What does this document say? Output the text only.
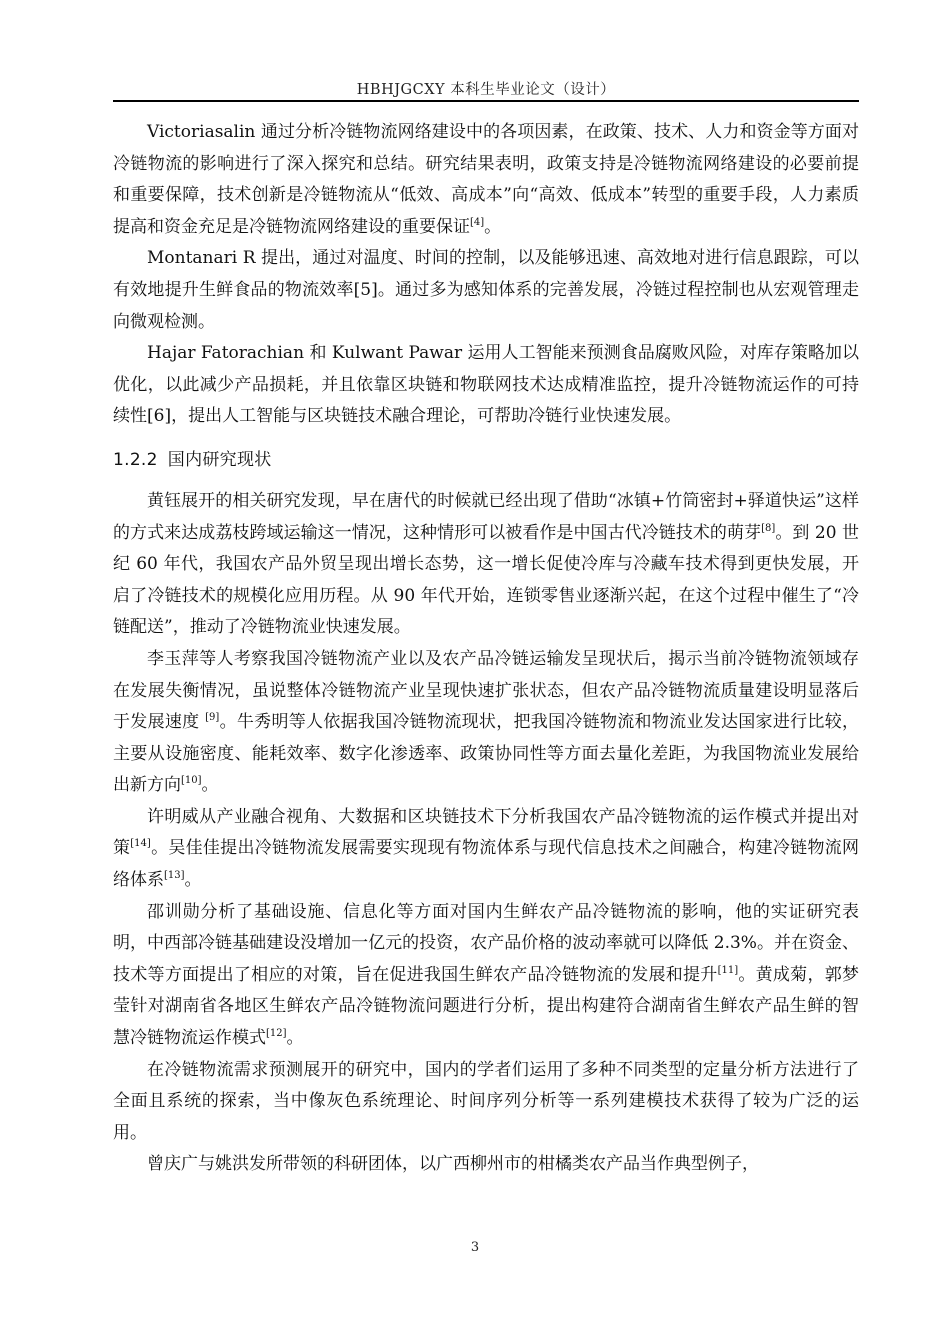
HBHJGCXY 本科生毕业论文（设计）

Victoriasalin 通过分析冷链物流网络建设中的各项因素，在政策、技术、人力和资金等方面对冷链物流的影响进行了深入探究和总结。研究结果表明，政策支持是冷链物流网络建设的必要前提和重要保障，技术创新是冷链物流从“低效、高成本”向“高效、低成本”转型的重要手段，人力素质提高和资金充足是冷链物流网络建设的重要保证[4]。

Montanari R 提出，通过对温度、时间的控制，以及能够迅速、高效地对进行信息跟踪，可以有效地提升生鲜食品的物流效率[5]。通过多为感知体系的完善发展，冷链过程控制也从宏观管理走向微观检测。

Hajar Fatorachian 和 Kulwant Pawar 运用人工智能来预测食品腐败风险，对库存策略加以优化，以此减少产品损耗，并且依靠区块链和物联网技术达成精准监控，提升冷链物流运作的可持续性[6]，提出人工智能与区块链技术融合理论，可帮助冷链行业快速发展。

1.2.2 国内研究现状

黄钰展开的相关研究发现，早在唐代的时候就已经出现了借助“冰镇+竹筒密封+驿道快运”这样的方式来达成荔枝跨域运输这一情况，这种情形可以被看作是中国古代冷链技术的萌芽[8]。到 20 世纪 60 年代，我国农产品外贸呈现出增长态势，这一增长促使冷库与冷藏车技术得到更快发展，开启了冷链技术的规模化应用历程。从 90 年代开始，连锁零售业逐渐兴起，在这个过程中催生了“冷链配送”，推动了冷链物流业快速发展。

李玉萍等人考察我国冷链物流产业以及农产品冷链运输发呈现状后，揭示当前冷链物流领域存在发展失衡情况，虽说整体冷链物流产业呈现快速扩张状态，但农产品冷链物流质量建设明显落后于发展速度 [9]。牛秀明等人依据我国冷链物流现状，把我国冷链物流和物流业发达国家进行比较，主要从设施密度、能耗效率、数字化渗透率、政策协同性等方面去量化差距，为我国物流业发展给出新方向[10]。

许明威从产业融合视角、大数据和区块链技术下分析我国农产品冷链物流的运作模式并提出对策[14]。吴佳佳提出冷链物流发展需要实现现有物流体系与现代信息技术之间融合，构建冷链物流网络体系[13]。

邵训勋分析了基础设施、信息化等方面对国内生鲜农产品冷链物流的影响，他的实证研究表明，中西部冷链基础建设没增加一亿元的投资，农产品价格的波动率就可以降低 2.3%。并在资金、技术等方面提出了相应的对策，旨在促进我国生鲜农产品冷链物流的发展和提升[11]。黄成菊，郭梦莹针对湖南省各地区生鲜农产品冷链物流问题进行分析，提出构建符合湖南省生鲜农产品生鲜的智慧冷链物流运作模式[12]。

在冷链物流需求预测展开的研究中，国内的学者们运用了多种不同类型的定量分析方法进行了全面且系统的探索，当中像灰色系统理论、时间序列分析等一系列建模技术获得了较为广泛的运用。

曾庆广与姚洪发所带领的科研团体，以广西柳州市的柑橘类农产品当作典型例子，

3
